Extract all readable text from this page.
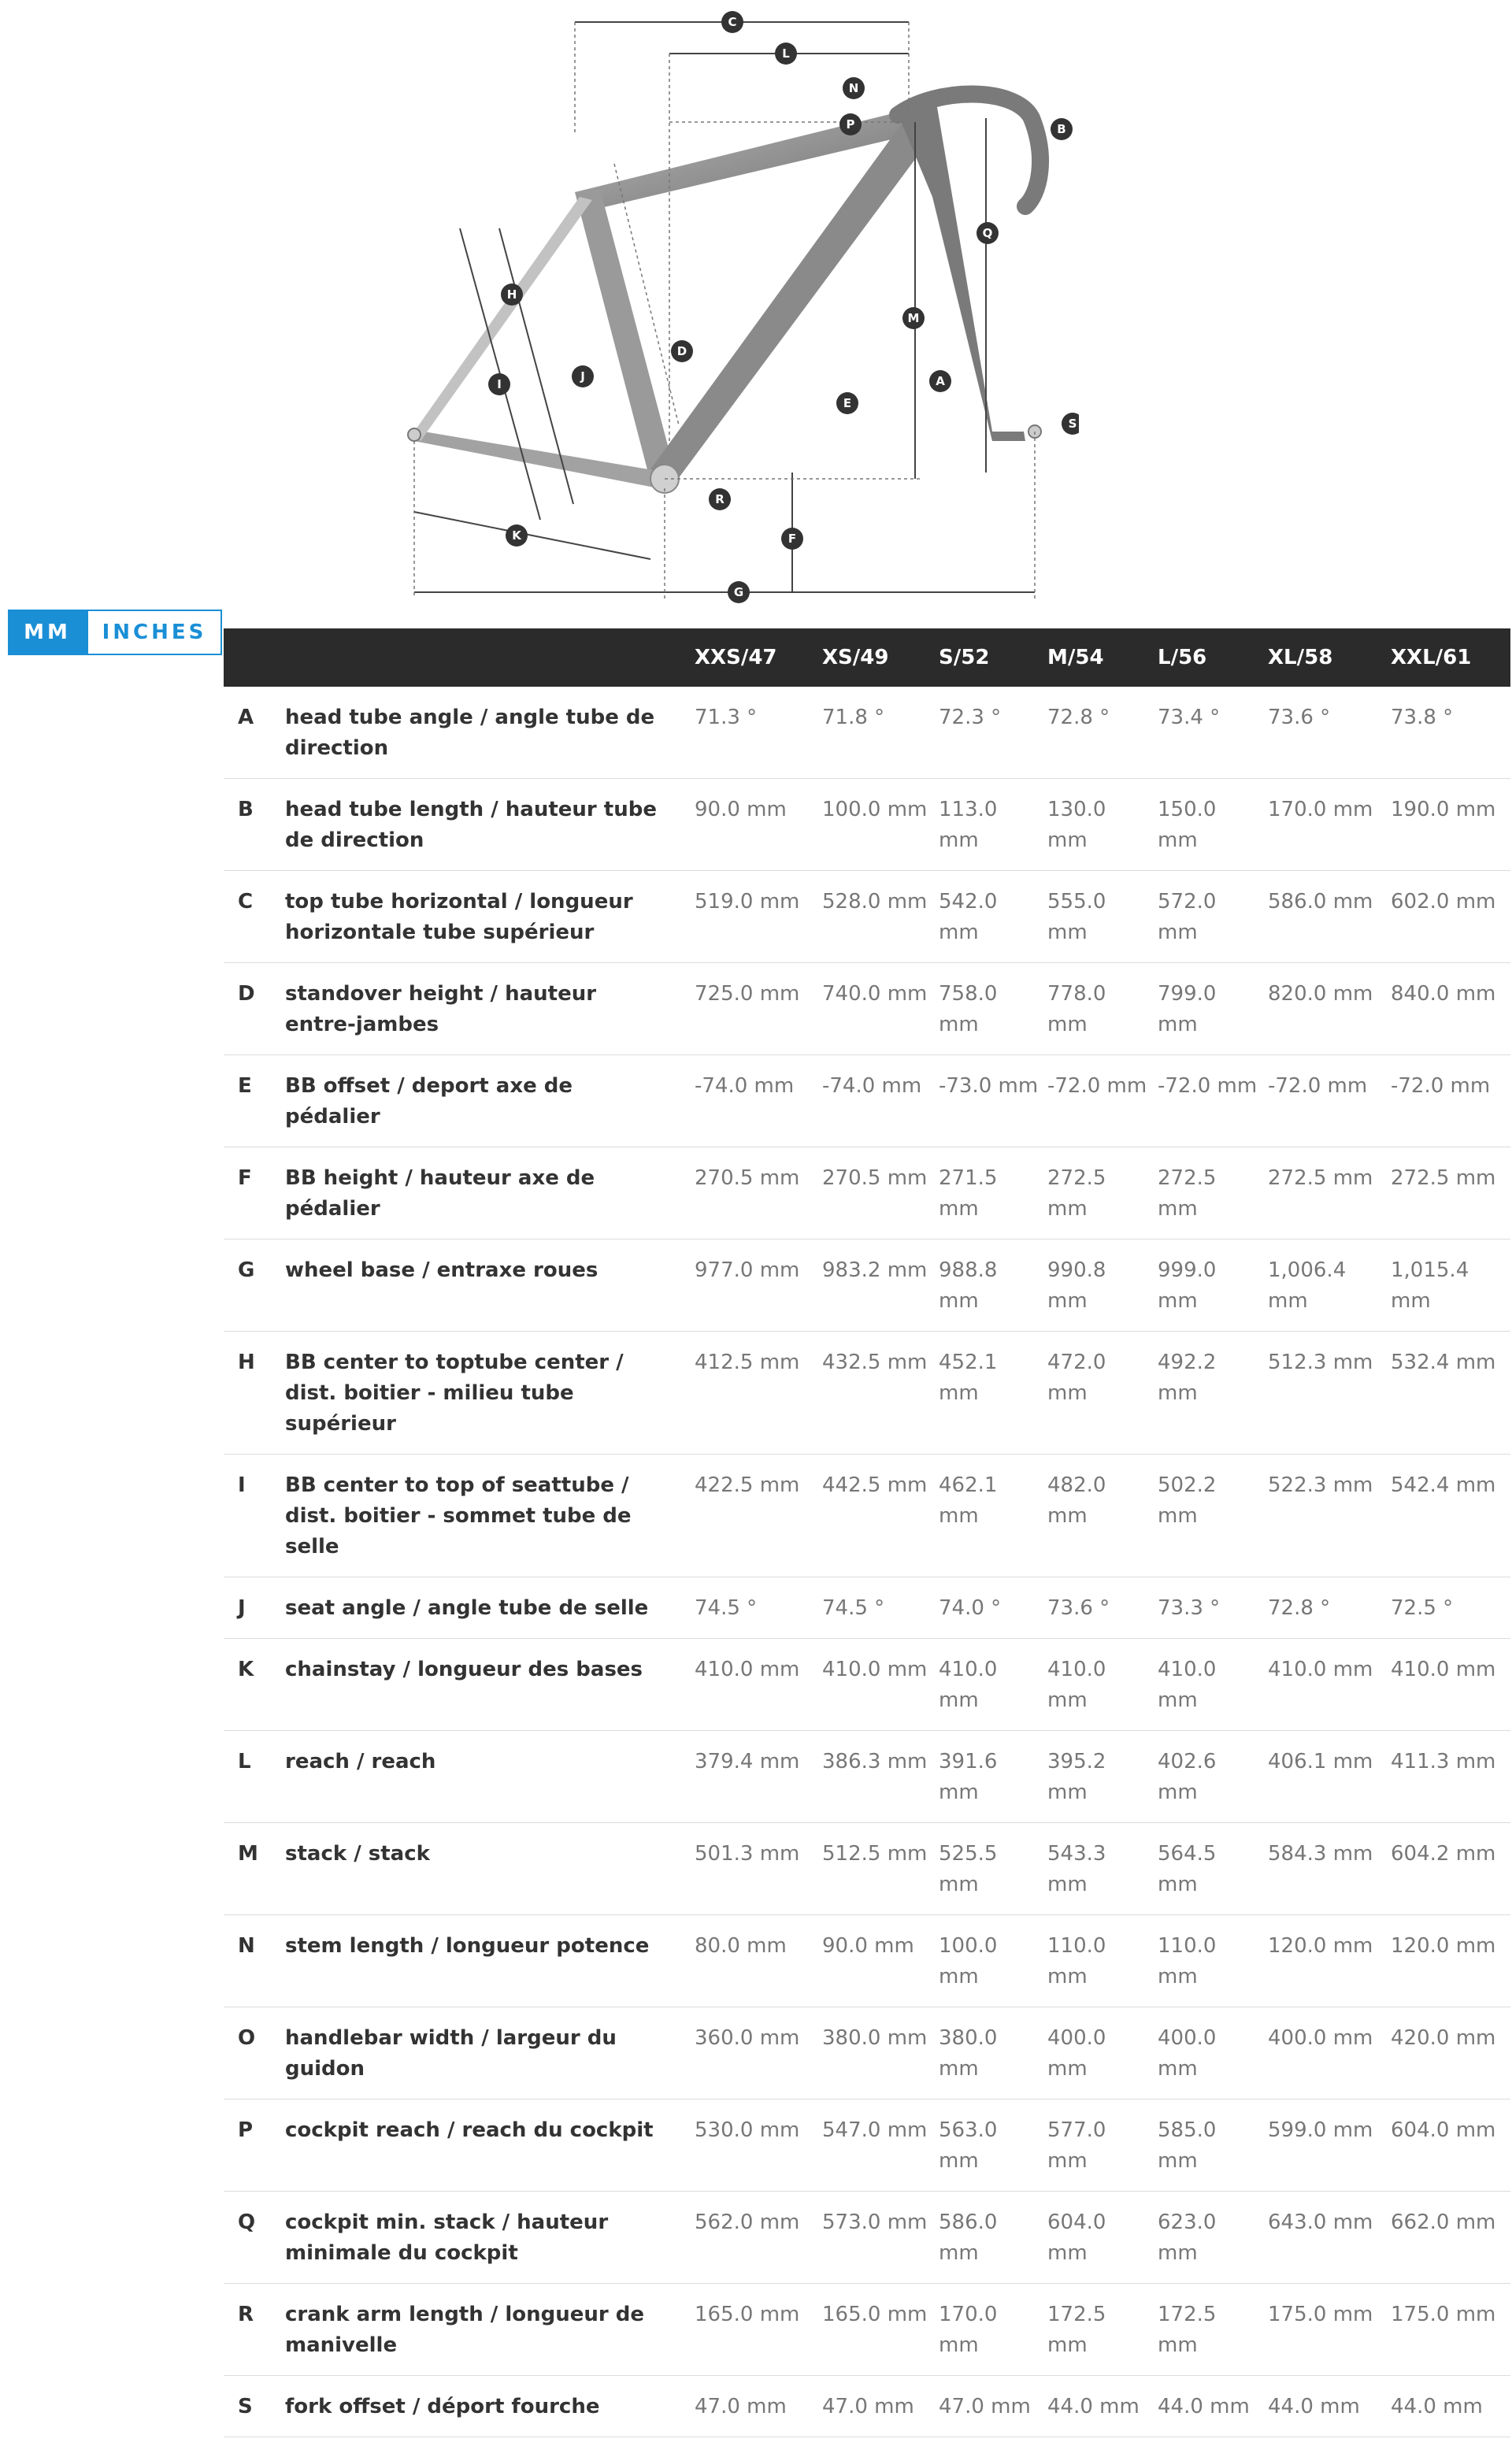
C
L
N
P	B
Q
H
D
M
J
I
E
A
S
R
F
K
G
MM	INCHES
		XXS/47	XS/49	S/52	M/54	L/56	XL/58	XXL/61
A	head tube angle / angle tube de direction	71.3 °	71.8 °	72.3 °	72.8 °	73.4 °	73.6 °	73.8 °
B	head tube length / hauteur tube de direction	90.0 mm	100.0 mm	113.0 mm	130.0 mm	150.0 mm	170.0 mm	190.0 mm
C	top tube horizontal / longueur horizontale tube supérieur	519.0 mm	528.0 mm	542.0 mm	555.0 mm	572.0 mm	586.0 mm	602.0 mm
D	standover height / hauteur entre-jambes	725.0 mm	740.0 mm	758.0 mm	778.0 mm	799.0 mm	820.0 mm	840.0 mm
E	BB offset / deport axe de pédalier	-74.0 mm	-74.0 mm	-73.0 mm	-72.0 mm	-72.0 mm	-72.0 mm	-72.0 mm
F	BB height / hauteur axe de pédalier	270.5 mm	270.5 mm	271.5 mm	272.5 mm	272.5 mm	272.5 mm	272.5 mm
G	wheel base / entraxe roues	977.0 mm	983.2 mm	988.8 mm	990.8 mm	999.0 mm	1,006.4 mm	1,015.4 mm
H	BB center to toptube center / dist. boitier - milieu tube supérieur	412.5 mm	432.5 mm	452.1 mm	472.0 mm	492.2 mm	512.3 mm	532.4 mm
I	BB center to top of seattube / dist. boitier - sommet tube de selle	422.5 mm	442.5 mm	462.1 mm	482.0 mm	502.2 mm	522.3 mm	542.4 mm
J	seat angle / angle tube de selle	74.5 °	74.5 °	74.0 °	73.6 °	73.3 °	72.8 °	72.5 °
K	chainstay / longueur des bases	410.0 mm	410.0 mm	410.0 mm	410.0 mm	410.0 mm	410.0 mm	410.0 mm
L	reach / reach	379.4 mm	386.3 mm	391.6 mm	395.2 mm	402.6 mm	406.1 mm	411.3 mm
M	stack / stack	501.3 mm	512.5 mm	525.5 mm	543.3 mm	564.5 mm	584.3 mm	604.2 mm
N	stem length / longueur potence	80.0 mm	90.0 mm	100.0 mm	110.0 mm	110.0 mm	120.0 mm	120.0 mm
O	handlebar width / largeur du guidon	360.0 mm	380.0 mm	380.0 mm	400.0 mm	400.0 mm	400.0 mm	420.0 mm
P	cockpit reach / reach du cockpit	530.0 mm	547.0 mm	563.0 mm	577.0 mm	585.0 mm	599.0 mm	604.0 mm
Q	cockpit min. stack / hauteur minimale du cockpit	562.0 mm	573.0 mm	586.0 mm	604.0 mm	623.0 mm	643.0 mm	662.0 mm
R	crank arm length / longueur de manivelle	165.0 mm	165.0 mm	170.0 mm	172.5 mm	172.5 mm	175.0 mm	175.0 mm
S	fork offset / déport fourche	47.0 mm	47.0 mm	47.0 mm	44.0 mm	44.0 mm	44.0 mm	44.0 mm
